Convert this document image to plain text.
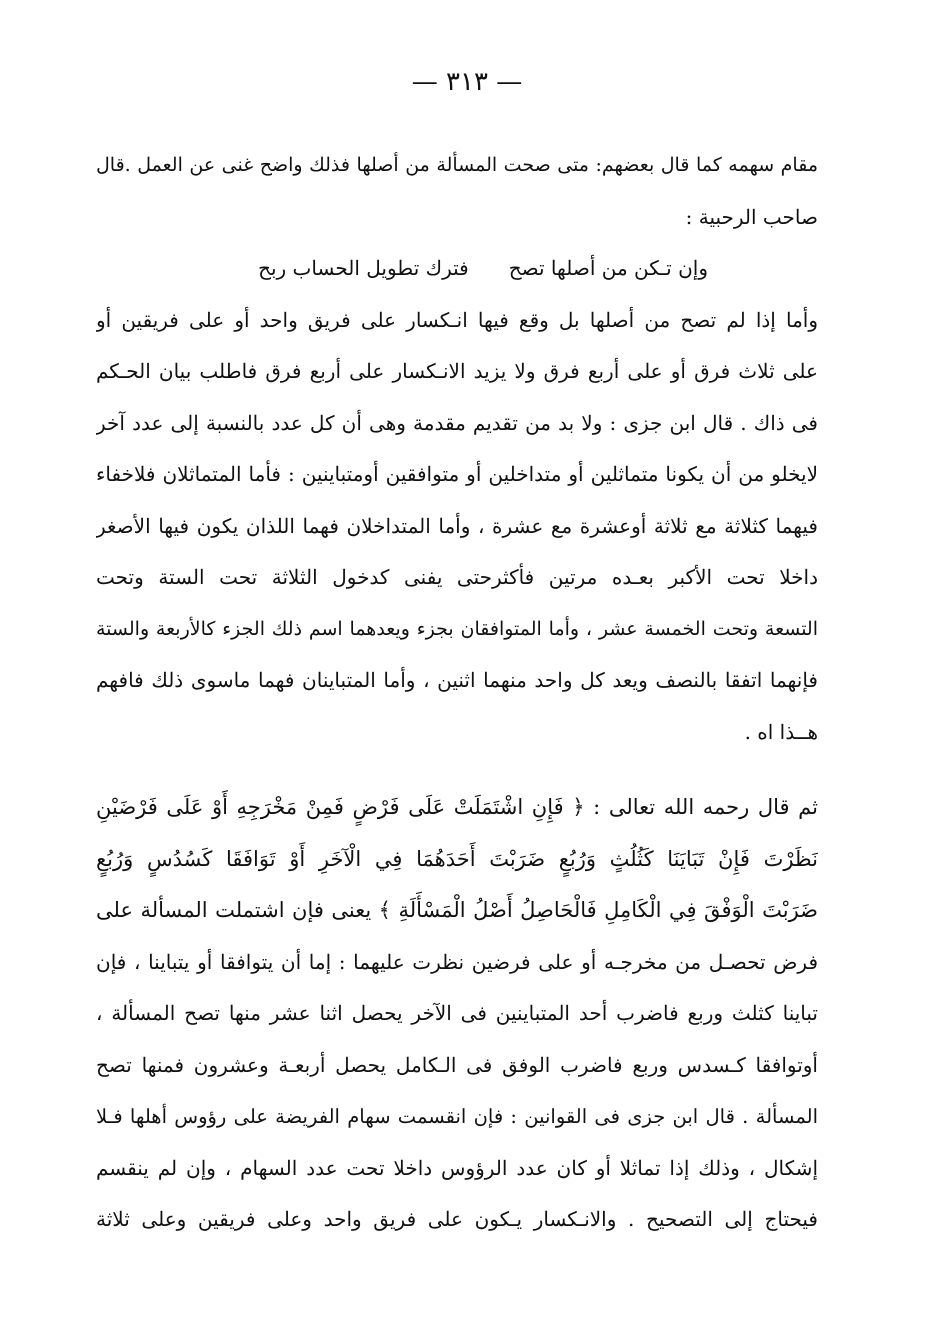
— ٣١٣ —
مقام سهمه كما قال بعضهم: متى صحت المسألة من أصلها فذلك واضح غنى عن العمل .قال
صاحب الرحبية :
وإن تـكن من أصلها تصح
فترك تطويل الحساب ربح
وأما إذا لم تصح من أصلها بل وقع فيها انـكسار على فريق واحد أو على فريقين أو
على ثلاث فرق أو على أربع فرق ولا يزيد الانـكسار على أربع فرق فاطلب بيان الحـكم
فى ذاك . قال ابن جزى : ولا بد من تقديم مقدمة وهى أن كل عدد بالنسبة إلى عدد آخر
لايخلو من أن يكونا متماثلين أو متداخلين أو متوافقين أومتباينين : فأما المتماثلان فلاخفاء
فيهما كثلاثة مع ثلاثة أوعشرة مع عشرة ، وأما المتداخلان فهما اللذان يكون فيها الأصغر
داخلا تحت الأكبر بعـده مرتين فأكثرحتى يفنى كدخول الثلاثة تحت الستة وتحت
التسعة وتحت الخمسة عشر ، وأما المتوافقان بجزء ويعدهما اسم ذلك الجزء كالأربعة والستة
فإنهما اتفقا بالنصف ويعد كل واحد منهما اثنين ، وأما المتباينان فهما ماسوى ذلك فافهم
هــذا اه .
ثم قال رحمه الله تعالى : ﴿ فَإِنِ اشْتَمَلَتْ عَلَى فَرْضٍ فَمِنْ مَخْرَجِهِ أَوْ عَلَى فَرْضَيْنِ
نَظَرْتَ فَإِنْ تَبَايَنَا كَثُلُثٍ وَرُبُعٍ ضَرَبْتَ أَحَدَهُمَا فِي الْآخَرِ أَوْ تَوَافَقَا كَسُدُسٍ وَرُبُعٍ
ضَرَبْتَ الْوَفْقَ فِي الْكَامِلِ فَالْحَاصِلُ أَصْلُ الْمَسْأَلَةِ ﴾ يعنى فإن اشتملت المسألة على
فرض تحصـل من مخرجـه أو على فرضين نظرت عليهما : إما أن يتوافقا أو يتباينا ، فإن
تباينا كثلث وربع فاضرب أحد المتباينين فى الآخر يحصل اثنا عشر منها تصح المسألة ،
أوتوافقا كـسدس وربع فاضرب الوفق فى الـكامل يحصل أربعـة وعشرون فمنها تصح
المسألة . قال ابن جزى فى القوانين : فإن انقسمت سهام الفريضة على رؤوس أهلها فـلا
إشكال ، وذلك إذا تماثلا أو كان عدد الرؤوس داخلا تحت عدد السهام ، وإن لم ينقسم
فيحتاج إلى التصحيح . والانـكسار يـكون على فريق واحد وعلى فريقين وعلى ثلاثة
